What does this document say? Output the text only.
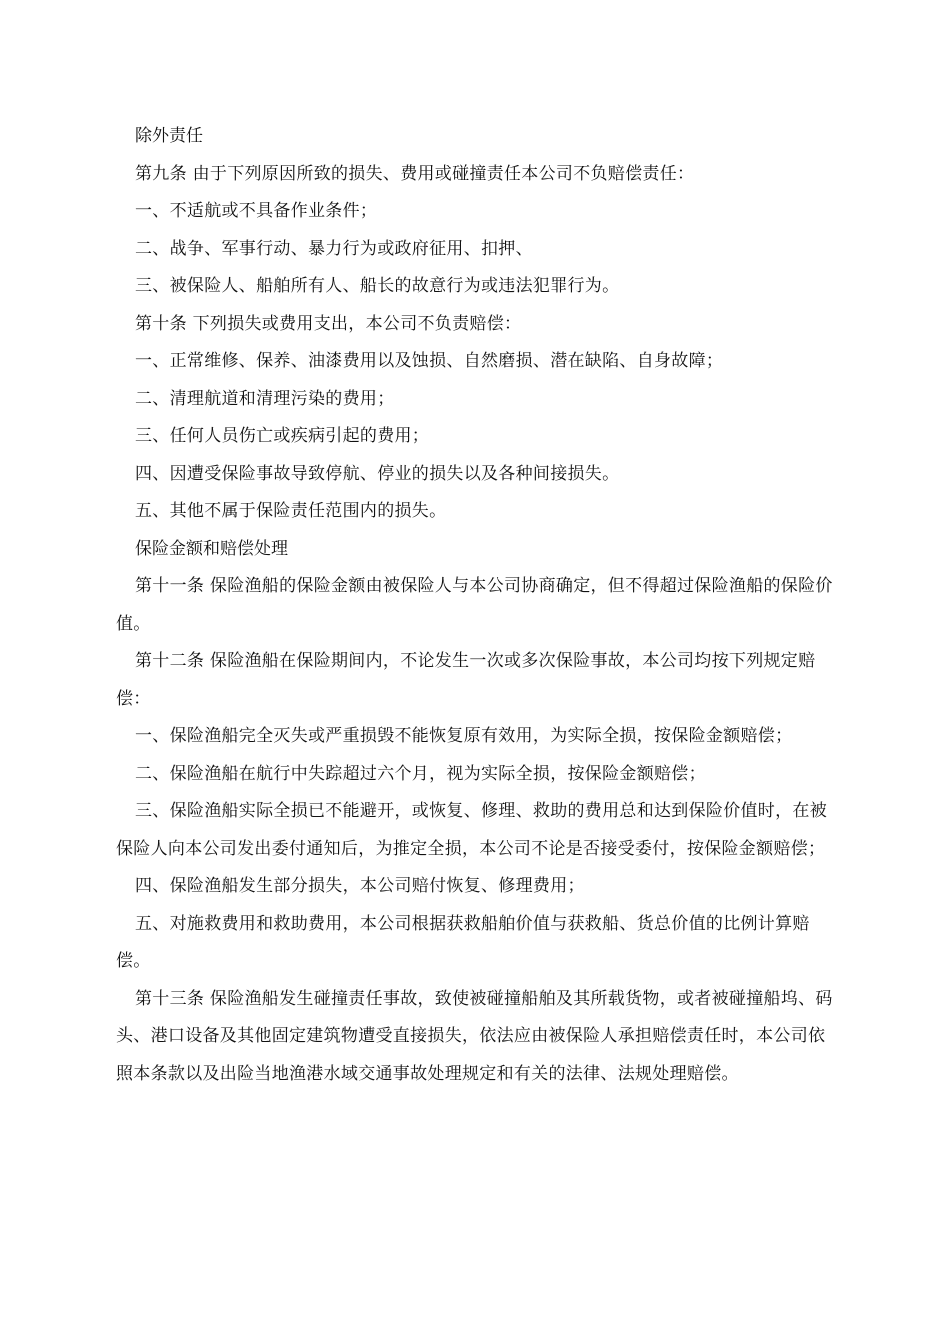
除外责任

第九条 由于下列原因所致的损失、费用或碰撞责任本公司不负赔偿责任：

一、不适航或不具备作业条件；

二、战争、军事行动、暴力行为或政府征用、扣押、

三、被保险人、船舶所有人、船长的故意行为或违法犯罪行为。

第十条 下列损失或费用支出，本公司不负责赔偿：

一、正常维修、保养、油漆费用以及蚀损、自然磨损、潜在缺陷、自身故障；

二、清理航道和清理污染的费用；

三、任何人员伤亡或疾病引起的费用；

四、因遭受保险事故导致停航、停业的损失以及各种间接损失。

五、其他不属于保险责任范围内的损失。

保险金额和赔偿处理

第十一条 保险渔船的保险金额由被保险人与本公司协商确定，但不得超过保险渔船的保险价值。

第十二条 保险渔船在保险期间内，不论发生一次或多次保险事故，本公司均按下列规定赔偿：

一、保险渔船完全灭失或严重损毁不能恢复原有效用，为实际全损，按保险金额赔偿；

二、保险渔船在航行中失踪超过六个月，视为实际全损，按保险金额赔偿；

三、保险渔船实际全损已不能避开，或恢复、修理、救助的费用总和达到保险价值时，在被保险人向本公司发出委付通知后，为推定全损，本公司不论是否接受委付，按保险金额赔偿；

四、保险渔船发生部分损失，本公司赔付恢复、修理费用；

五、对施救费用和救助费用，本公司根据获救船舶价值与获救船、货总价值的比例计算赔偿。

第十三条 保险渔船发生碰撞责任事故，致使被碰撞船舶及其所载货物，或者被碰撞船坞、码头、港口设备及其他固定建筑物遭受直接损失，依法应由被保险人承担赔偿责任时，本公司依照本条款以及出险当地渔港水域交通事故处理规定和有关的法律、法规处理赔偿。
